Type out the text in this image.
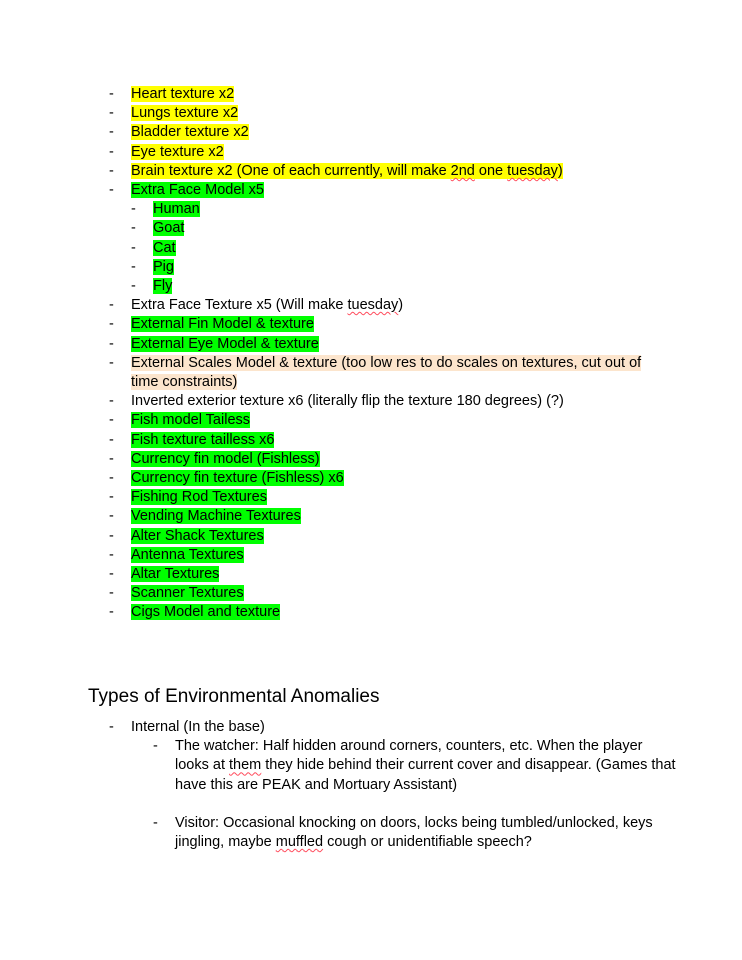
-	Heart texture x2
-	Lungs texture x2
-	Bladder texture x2
-	Eye texture x2
-	Brain texture x2 (One of each currently, will make 2nd one tuesday)
-	Extra Face Model x5
-	Human
-	Goat
-	Cat
-	Pig
-	Fly
-	Extra Face Texture x5 (Will make tuesday)
-	External Fin Model & texture
-	External Eye Model & texture
-	External Scales Model & texture (too low res to do scales on textures, cut out of time constraints)
-	Inverted exterior texture x6 (literally flip the texture 180 degrees) (?)
-	Fish model Tailess
-	Fish texture tailless x6
-	Currency fin model (Fishless)
-	Currency fin texture (Fishless) x6
-	Fishing Rod Textures
-	Vending Machine Textures
-	Alter Shack Textures
-	Antenna Textures
-	Altar Textures
-	Scanner Textures
-	Cigs Model and texture
Types of Environmental Anomalies
-	Internal (In the base)
-	The watcher: Half hidden around corners, counters, etc. When the player looks at them they hide behind their current cover and disappear. (Games that have this are PEAK and Mortuary Assistant)
-	Visitor: Occasional knocking on doors, locks being tumbled/unlocked, keys jingling, maybe muffled cough or unidentifiable speech?
